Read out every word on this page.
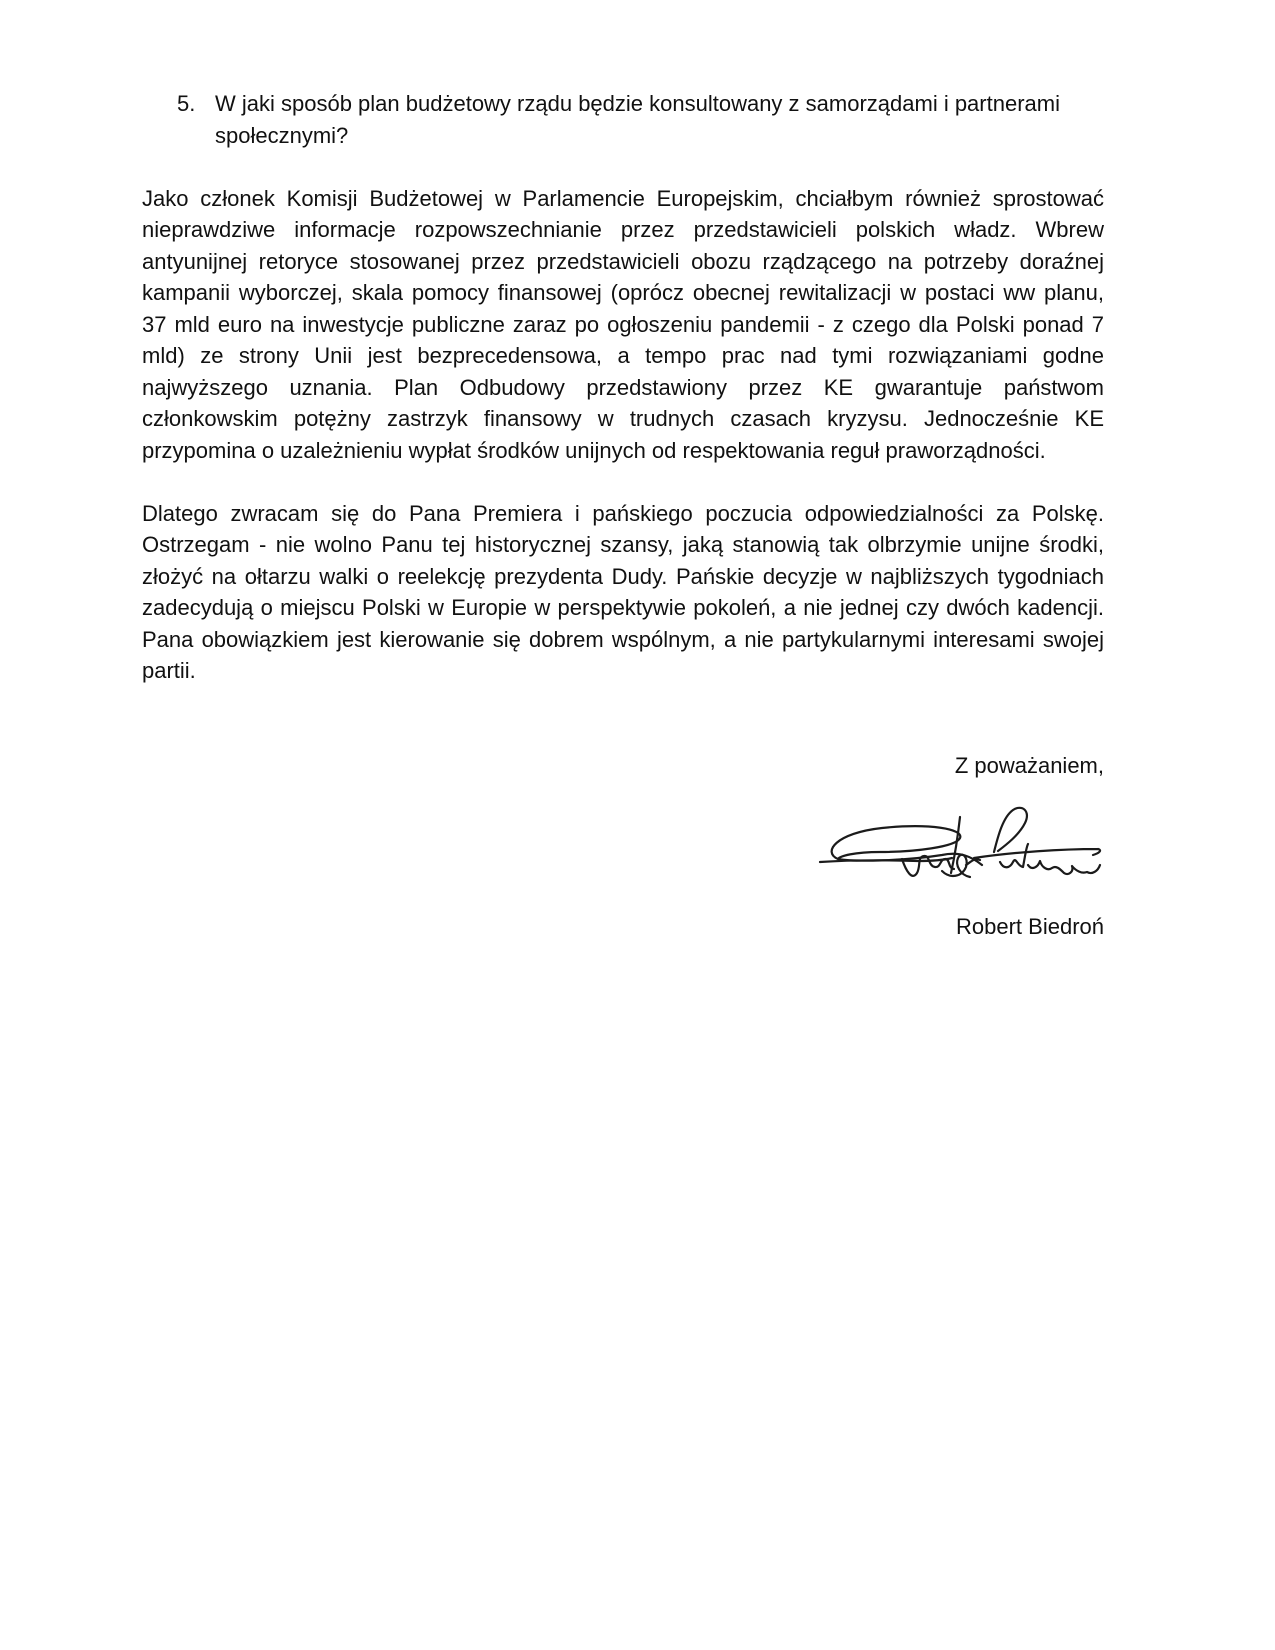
5. W jaki sposób plan budżetowy rządu będzie konsultowany z samorządami i partnerami społecznymi?

Jako członek Komisji Budżetowej w Parlamencie Europejskim, chciałbym również sprostować nieprawdziwe informacje rozpowszechnianie przez przedstawicieli polskich władz. Wbrew antyunijnej retoryce stosowanej przez przedstawicieli obozu rządzącego na potrzeby doraźnej kampanii wyborczej, skala pomocy finansowej (oprócz obecnej rewitalizacji w postaci ww planu, 37 mld euro na inwestycje publiczne zaraz po ogłoszeniu pandemii - z czego dla Polski ponad 7 mld) ze strony Unii jest bezprecedensowa, a tempo prac nad tymi rozwiązaniami godne najwyższego uznania. Plan Odbudowy przedstawiony przez KE gwarantuje państwom członkowskim potężny zastrzyk finansowy w trudnych czasach kryzysu. Jednocześnie KE przypomina o uzależnieniu wypłat środków unijnych od respektowania reguł praworządności.

Dlatego zwracam się do Pana Premiera i pańskiego poczucia odpowiedzialności za Polskę. Ostrzegam - nie wolno Panu tej historycznej szansy, jaką stanowią tak olbrzymie unijne środki, złożyć na ołtarzu walki o reelekcję prezydenta Dudy. Pańskie decyzje w najbliższych tygodniach zadecydują o miejscu Polski w Europie w perspektywie pokoleń, a nie jednej czy dwóch kadencji. Pana obowiązkiem jest kierowanie się dobrem wspólnym, a nie partykularnymi interesami swojej partii.

Z poważaniem,
Robert Biedroń
